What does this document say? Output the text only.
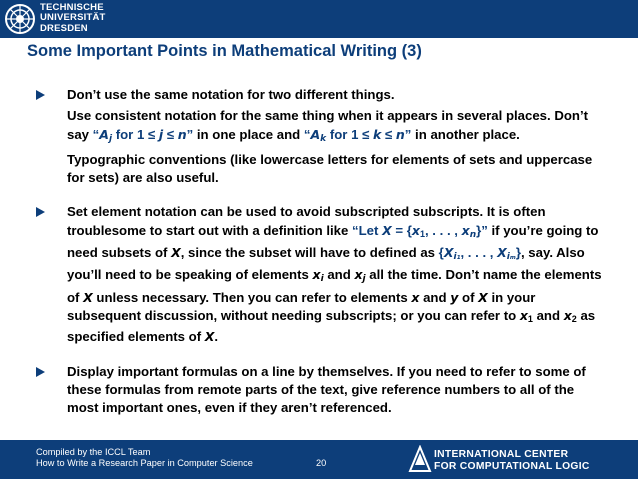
TECHNISCHE
UNIVERSITÄT
DRESDEN
Some Important Points in Mathematical Writing (3)
Don’t use the same notation for two different things.
Use consistent notation for the same thing when it appears in several places. Don’t say “$A_j$ for 1 ≤ j ≤ n” in one place and “$A_k$ for 1 ≤ k ≤ n” in another place.
Typographic conventions (like lowercase letters for elements of sets and uppercase for sets) are also useful.
Set element notation can be used to avoid subscripted subscripts. It is often troublesome to start out with a definition like “Let $X = \{x_1$, . . . , $x_n$}” if you’re going to need subsets of X, since the subset will have to defined as {$X_{i_1}$, . . . , $X_{i_m}$}, say. Also you’ll need to be speaking of elements $x_i$ and $x_j$ all the time. Don’t name the elements of X unless necessary. Then you can refer to elements x and y of X in your subsequent discussion, without needing subscripts; or you can refer to $x_1$ and $x_2$ as specified elements of X.
Display important formulas on a line by themselves. If you need to refer to some of these formulas from remote parts of the text, give reference numbers to all of the most important ones, even if they aren’t referenced.
Compiled by the ICCL Team
How to Write a Research Paper in Computer Science	20
INTERNATIONAL CENTER
FOR COMPUTATIONAL LOGIC
